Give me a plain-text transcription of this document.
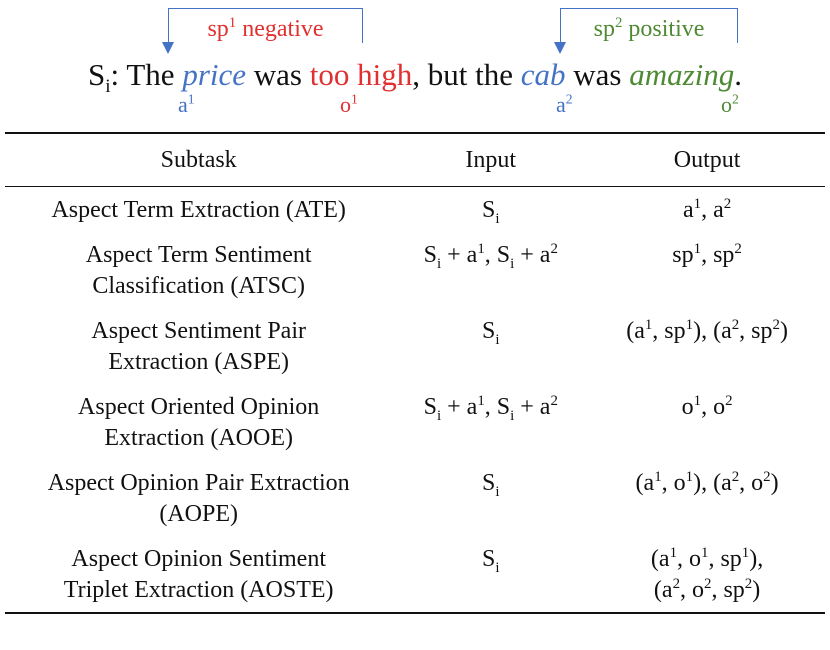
$sp^1$ negative	$sp^2$ positive
$S_i$: The price was too high, but the cab was amazing.
$a^1$	$o^1$	$a^2$	$o^2$
Subtask	Input	Output

Aspect Term Extraction (ATE)	$S_i$	$a^1$, $a^2$

Aspect Term Sentiment
Classification (ATSC)	$S_i + a^1$, $S_i + a^2$	$sp^1$, $sp^2$

Aspect Sentiment Pair
Extraction (ASPE)	$S_i$	($a^1$, $sp^1$), ($a^2$, $sp^2$)

Aspect Oriented Opinion
Extraction (AOOE)	$S_i + a^1$, $S_i + a^2$	$o^1$, $o^2$

Aspect Opinion Pair Extraction
(AOPE)	$S_i$	($a^1$, $o^1$), ($a^2$, $o^2$)

Aspect Opinion Sentiment
Triplet Extraction (AOSTE)	$S_i$	($a^1$, $o^1$, $sp^1$),
($a^2$, $o^2$, $sp^2$)
